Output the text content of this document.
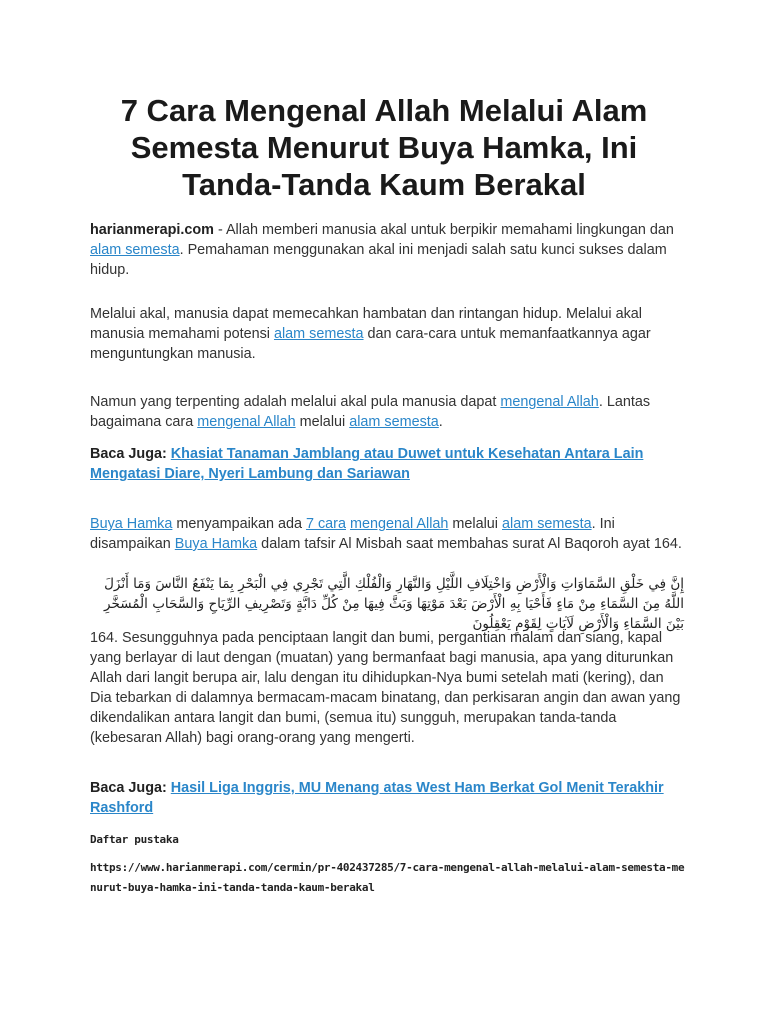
7 Cara Mengenal Allah Melalui Alam Semesta Menurut Buya Hamka, Ini Tanda-Tanda Kaum Berakal

harianmerapi.com - Allah memberi manusia akal untuk berpikir memahami lingkungan dan alam semesta. Pemahaman menggunakan akal ini menjadi salah satu kunci sukses dalam hidup.

Melalui akal, manusia dapat memecahkan hambatan dan rintangan hidup. Melalui akal manusia memahami potensi alam semesta dan cara-cara untuk memanfaatkannya agar menguntungkan manusia.

Namun yang terpenting adalah melalui akal pula manusia dapat mengenal Allah. Lantas bagaimana cara mengenal Allah melalui alam semesta.

Baca Juga: Khasiat Tanaman Jamblang atau Duwet untuk Kesehatan Antara Lain Mengatasi Diare, Nyeri Lambung dan Sariawan

Buya Hamka menyampaikan ada 7 cara mengenal Allah melalui alam semesta. Ini disampaikan Buya Hamka dalam tafsir Al Misbah saat membahas surat Al Baqoroh ayat 164.

إِنَّ فِي خَلْقِ السَّمَاوَاتِ وَالْأَرْضِ وَاخْتِلَافِ اللَّيْلِ وَالنَّهَارِ وَالْفُلْكِ الَّتِي تَجْرِي فِي الْبَحْرِ بِمَا يَنْفَعُ النَّاسَ وَمَا أَنْزَلَ اللَّهُ مِنَ السَّمَاءِ مِنْ مَاءٍ فَأَحْيَا بِهِ الْأَرْضَ بَعْدَ مَوْتِهَا وَبَثَّ فِيهَا مِنْ كُلِّ دَابَّةٍ وَتَصْرِيفِ الرِّيَاحِ وَالسَّحَابِ الْمُسَخَّرِ بَيْنَ السَّمَاءِ وَالْأَرْضِ لَآيَاتٍ لِقَوْمٍ يَعْقِلُونَ

164. Sesungguhnya pada penciptaan langit dan bumi, pergantian malam dan siang, kapal yang berlayar di laut dengan (muatan) yang bermanfaat bagi manusia, apa yang diturunkan Allah dari langit berupa air, lalu dengan itu dihidupkan-Nya bumi setelah mati (kering), dan Dia tebarkan di dalamnya bermacam-macam binatang, dan perkisaran angin dan awan yang dikendalikan antara langit dan bumi, (semua itu) sungguh, merupakan tanda-tanda (kebesaran Allah) bagi orang-orang yang mengerti.

Baca Juga: Hasil Liga Inggris, MU Menang atas West Ham Berkat Gol Menit Terakhir Rashford

Daftar pustaka

https://www.harianmerapi.com/cermin/pr-402437285/7-cara-mengenal-allah-melalui-alam-semesta-menurut-buya-hamka-ini-tanda-tanda-kaum-berakal
